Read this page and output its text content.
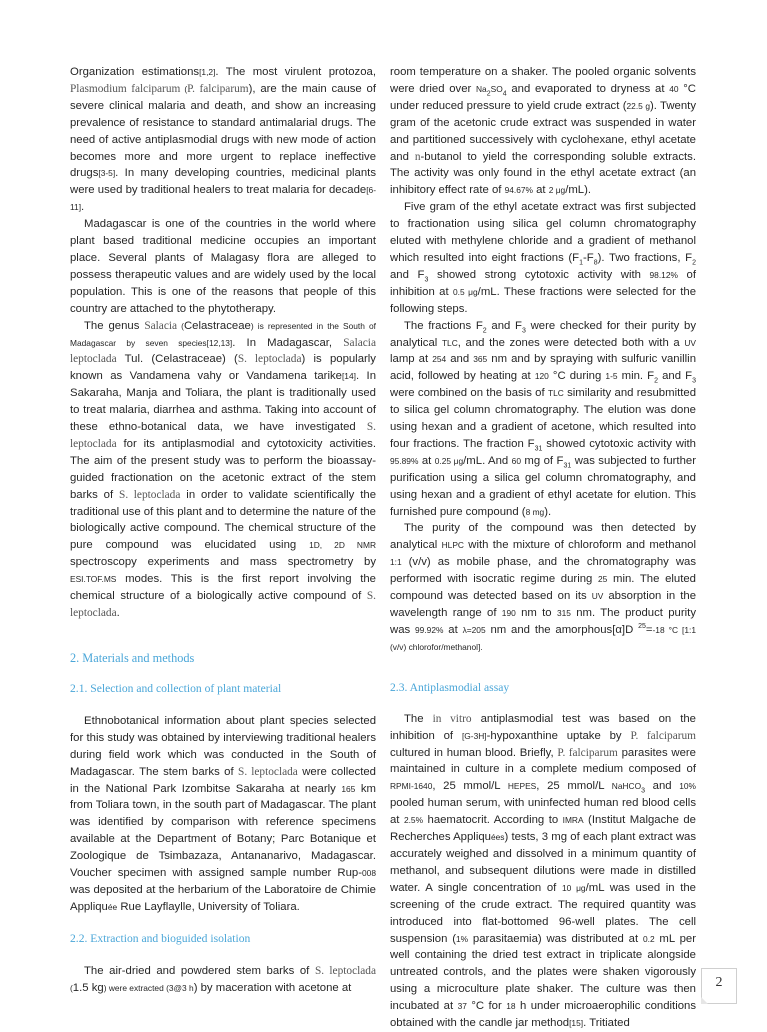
Organization estimations[1,2]. The most virulent protozoa, Plasmodium falciparum (P. falciparum), are the main cause of severe clinical malaria and death, and show an increasing prevalence of resistance to standard antimalarial drugs. The need of active antiplasmodial drugs with new mode of action becomes more and more urgent to replace ineffective drugs[3-5]. In many developing countries, medicinal plants were used by traditional healers to treat malaria for decade[6-11].

Madagascar is one of the countries in the world where plant based traditional medicine occupies an important place. Several plants of Malagasy flora are alleged to possess therapeutic values and are widely used by the local population. This is one of the reasons that people of this country are attached to the phytotherapy.

The genus Salacia (Celastraceae) is represented in the South of Madagascar by seven species[12,13]. In Madagascar, Salacia leptoclada Tul. (Celastraceae) (S. leptoclada) is popularly known as Vandamena vahy or Vandamena tarike[14]. In Sakaraha, Manja and Toliara, the plant is traditionally used to treat malaria, diarrhea and asthma. Taking into account of these ethno-botanical data, we have investigated S. leptoclada for its antiplasmodial and cytotoxicity activities. The aim of the present study was to perform the bioassay-guided fractionation on the acetonic extract of the stem barks of S. leptoclada in order to validate scientifically the traditional use of this plant and to determine the nature of the biologically active compound. The chemical structure of the pure compound was elucidated using 1D, 2D NMR spectroscopy experiments and mass spectrometry by ESI.TOF.MS modes. This is the first report involving the chemical structure of a biologically active compound of S. leptoclada.

2. Materials and methods

2.1. Selection and collection of plant material

Ethnobotanical information about plant species selected for this study was obtained by interviewing traditional healers during field work which was conducted in the South of Madagascar. The stem barks of S. leptoclada were collected in the National Park Izombitse Sakaraha at nearly 165 km from Toliara town, in the south part of Madagascar. The plant was identified by comparison with reference specimens available at the Department of Botany; Parc Botanique et Zoologique de Tsimbazaza, Antananarivo, Madagascar. Voucher specimen with assigned sample number Rup-008 was deposited at the herbarium of the Laboratoire de Chimie Appliquée Rue Layflaylle, University of Toliara.

2.2. Extraction and bioguided isolation

The air-dried and powdered stem barks of S. leptoclada (1.5 kg) were extracted (3@3 h) by maceration with acetone at

room temperature on a shaker. The pooled organic solvents were dried over $Na_2SO_4$ and evaporated to dryness at 40 °C under reduced pressure to yield crude extract (22.5 g). Twenty gram of the acetonic crude extract was suspended in water and partitioned successively with cyclohexane, ethyl acetate and n-butanol to yield the corresponding soluble extracts. The activity was only found in the ethyl acetate extract (an inhibitory effect rate of 94.67% at 2 μg/mL).

Five gram of the ethyl acetate extract was first subjected to fractionation using silica gel column chromatography eluted with methylene chloride and a gradient of methanol which resulted into eight fractions $(F_1-F_8)$. Two fractions, $F_2$ and $F_3$ showed strong cytotoxic activity with 98.12% of inhibition at 0.5 μg/mL. These fractions were selected for the following steps.

The fractions $F_2$ and $F_3$ were checked for their purity by analytical TLC, and the zones were detected both with a UV lamp at 254 and 365 nm and by spraying with sulfuric vanillin acid, followed by heating at 120 °C during 1-5 min. $F_2$ and $F_3$ were combined on the basis of TLC similarity and resubmitted to silica gel column chromatography. The elution was done using hexan and a gradient of acetone, which resulted into four fractions. The fraction $F_{31}$ showed cytotoxic activity with 95.89% at 0.25 μg/mL. And 60 mg of $F_{31}$ was subjected to further purification using a silica gel column chromatography, and using hexan and a gradient of ethyl acetate for elution. This furnished pure compound (8 mg).

The purity of the compound was then detected by analytical HLPC with the mixture of chloroform and methanol 1:1 (v/v) as mobile phase, and the chromatography was performed with isocratic regime during 25 min. The eluted compound was detected based on its UV absorption in the wavelength range of 190 nm to 315 nm. The product purity was 99.92% at λ=205 nm and the amorphous[α]D $^{25}$=-18 °C [1:1 (v/v) chlorofor/methanol].

2.3. Antiplasmodial assay

The in vitro antiplasmodial test was based on the inhibition of [G-3H]-hypoxanthine uptake by P. falciparum cultured in human blood. Briefly, P. falciparum parasites were maintained in culture in a complete medium composed of RPMI-1640, 25 mmol/L HEPES, 25 mmol/L NaHCO$_3$ and 10% pooled human serum, with uninfected human red blood cells at 2.5% haematocrit. According to IMRA (Institut Malgache de Recherches Appliquées) tests, 3 mg of each plant extract was accurately weighed and dissolved in a minimum quantity of methanol, and subsequent dilutions were made in distilled water. A single concentration of 10 μg/mL was used in the screening of the crude extract. The required quantity was introduced into flat-bottomed 96-well plates. The cell suspension (1% parasitaemia) was distributed at 0.2 mL per well containing the dried test extract in triplicate alongside untreated controls, and the plates were shaken vigorously using a microculture plate shaker. The culture was then incubated at 37 °C for 18 h under microaerophilic conditions obtained with the candle jar method[15]. Tritiated

2
